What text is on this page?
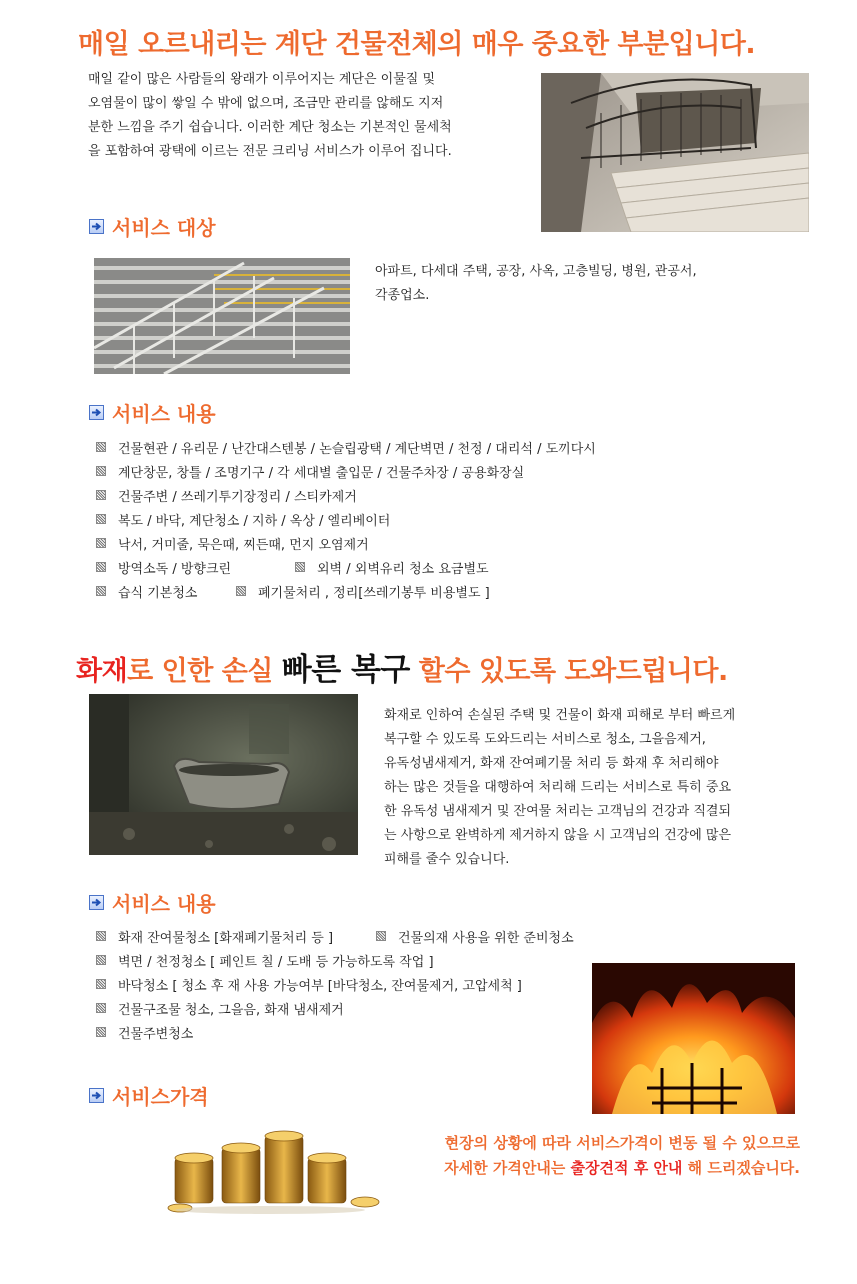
매일 오르내리는 계단 건물전체의 매우 중요한 부분입니다.
매일 같이 많은 사람들의 왕래가 이루어지는 계단은 이물질 및
오염물이 많이 쌓일 수 밖에 없으며, 조금만 관리를 않해도 지저
분한 느낌을 주기 쉽습니다. 이러한 계단 청소는 기본적인 물세척
을 포함하여 광택에 이르는 전문 크리닝 서비스가 이루어 집니다.
서비스 대상
아파트, 다세대 주택, 공장, 사옥, 고층빌딩, 병원, 관공서,
각종업소.
서비스 내용
건물현관 / 유리문 / 난간대스텐봉 / 논슬립광택 / 계단벽면 / 천정 / 대리석 / 도끼다시
계단창문, 창틀 / 조명기구 / 각 세대별 출입문 / 건물주차장 / 공용화장실
건물주변 / 쓰레기투기장정리 / 스티카제거
복도 / 바닥, 계단청소 / 지하 / 옥상 / 엘리베이터
낙서, 거미줄, 묵은때, 찌든때, 먼지 오염제거
방역소독 / 방향크린	외벽 / 외벽유리 청소 요금별도
습식 기본청소	폐기물처리 , 정리[쓰레기봉투 비용별도 ]
화재로 인한 손실 빠른 복구 할수 있도록 도와드립니다.
화재로 인하여 손실된 주택 및 건물이 화재 피해로 부터 빠르게
복구할 수 있도록 도와드리는 서비스로 청소, 그을음제거,
유독성냄새제거, 화재 잔여폐기물 처리 등 화재 후 처리해야
하는 많은 것들을 대행하여 처리해 드리는 서비스로 특히 중요
한 유독성 냄새제거 및 잔여물 처리는 고객님의 건강과 직결되
는 사항으로 완벽하게 제거하지 않을 시 고객님의 건강에 많은
피해를 줄수 있습니다.
서비스 내용
화재 잔여물청소 [화재폐기물처리 등 ]	건물의재 사용을 위한 준비청소
벽면 / 천정청소 [ 페인트 칠 / 도배 등 가능하도록 작업 ]
바닥청소 [ 청소 후 재 사용 가능여부 [바닥청소, 잔여물제거, 고압세척 ]
건물구조물 청소, 그을음, 화재 냄새제거
건물주변청소
서비스가격
현장의 상황에 따라 서비스가격이 변동 될 수 있으므로
자세한 가격안내는 출장견적 후 안내 해 드리겠습니다.
